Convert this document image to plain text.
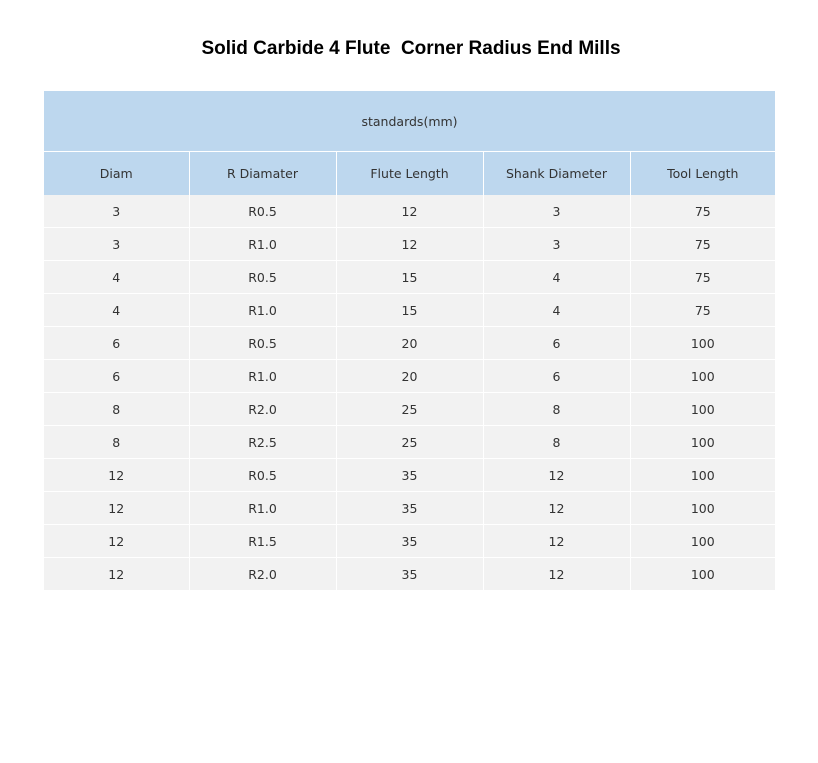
Solid Carbide 4 Flute  Corner Radius End Mills
standards(mm)				
Diam	R Diamater	Flute Length	Shank Diameter	Tool Length
3	R0.5	12	3	75
3	R1.0	12	3	75
4	R0.5	15	4	75
4	R1.0	15	4	75
6	R0.5	20	6	100
6	R1.0	20	6	100
8	R2.0	25	8	100
8	R2.5	25	8	100
12	R0.5	35	12	100
12	R1.0	35	12	100
12	R1.5	35	12	100
12	R2.0	35	12	100
